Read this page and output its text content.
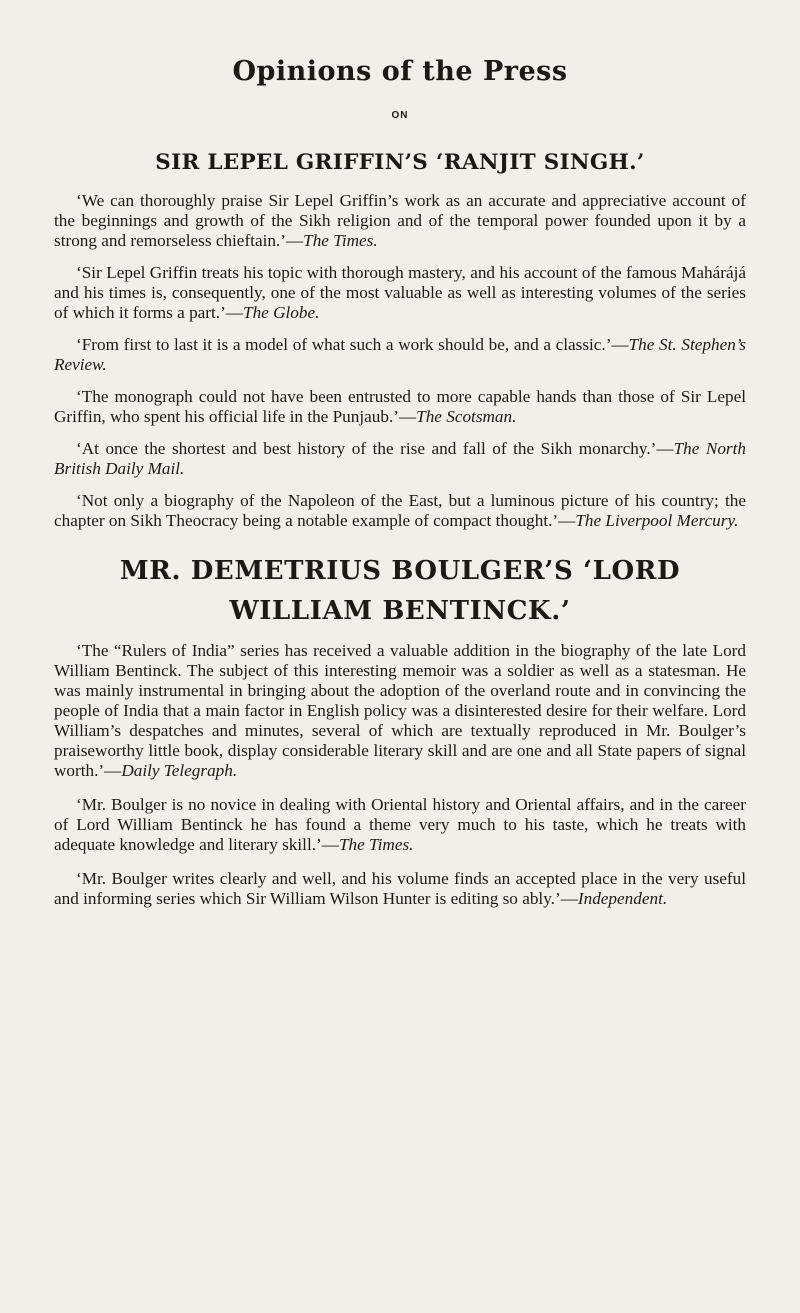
Opinions of the Press
ON
SIR LEPEL GRIFFIN’S ‘RANJIT SINGH.’

‘We can thoroughly praise Sir Lepel Griffin’s work as an accurate and appreciative account of the beginnings and growth of the Sikh religion and of the temporal power founded upon it by a strong and remorseless chieftain.’—The Times.

‘Sir Lepel Griffin treats his topic with thorough mastery, and his account of the famous Mahárájá and his times is, consequently, one of the most valuable as well as interesting volumes of the series of which it forms a part.’—The Globe.

‘From first to last it is a model of what such a work should be, and a classic.’—The St. Stephen’s Review.

‘The monograph could not have been entrusted to more capable hands than those of Sir Lepel Griffin, who spent his official life in the Punjaub.’—The Scotsman.

‘At once the shortest and best history of the rise and fall of the Sikh monarchy.’—The North British Daily Mail.

‘Not only a biography of the Napoleon of the East, but a luminous picture of his country; the chapter on Sikh Theocracy being a notable example of compact thought.’—The Liverpool Mercury.

MR. DEMETRIUS BOULGER’S ‘LORD WILLIAM BENTINCK.’

‘The “Rulers of India” series has received a valuable addition in the biography of the late Lord William Bentinck. The subject of this interesting memoir was a soldier as well as a statesman. He was mainly instrumental in bringing about the adoption of the overland route and in convincing the people of India that a main factor in English policy was a disinterested desire for their welfare. Lord William’s despatches and minutes, several of which are textually reproduced in Mr. Boulger’s praiseworthy little book, display considerable literary skill and are one and all State papers of signal worth.’—Daily Telegraph.

‘Mr. Boulger is no novice in dealing with Oriental history and Oriental affairs, and in the career of Lord William Bentinck he has found a theme very much to his taste, which he treats with adequate knowledge and literary skill.’—The Times.

‘Mr. Boulger writes clearly and well, and his volume finds an accepted place in the very useful and informing series which Sir William Wilson Hunter is editing so ably.’—Independent.
